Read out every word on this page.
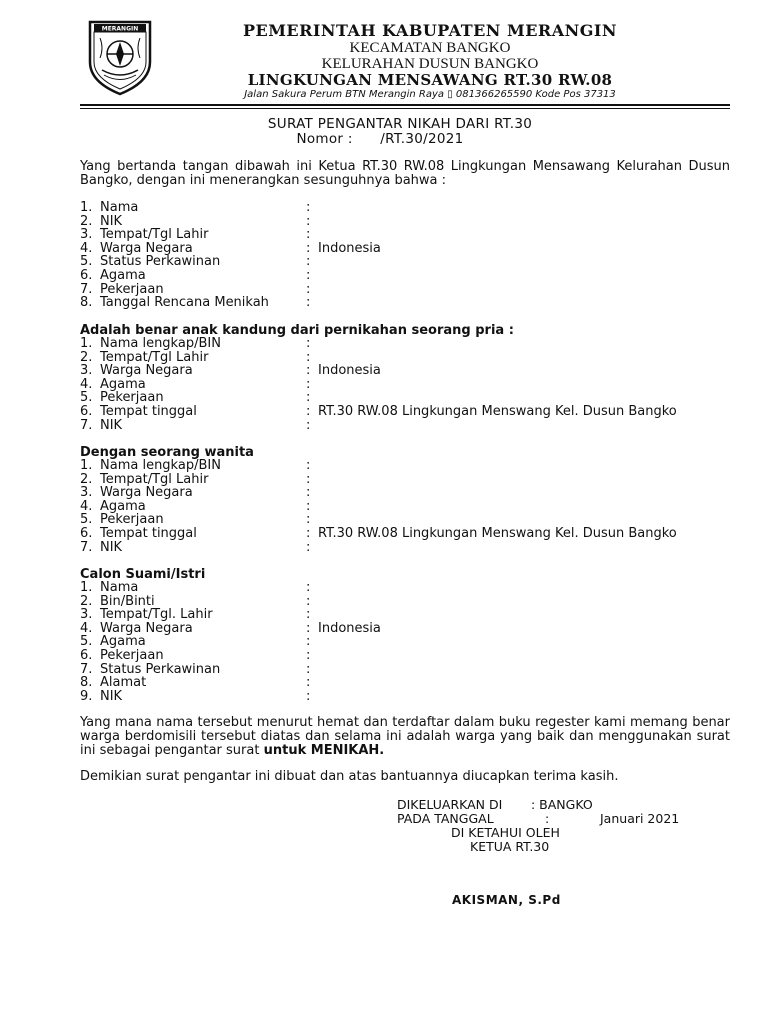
MERANGIN	PEMERINTAH KABUPATEN MERANGIN
KECAMATAN BANGKO
KELURAHAN DUSUN BANGKO
LINGKUNGAN MENSAWANG RT.30 RW.08
Jalan Sakura Perum BTN Merangin Raya ▯ 081366265590 Kode Pos 37313
SURAT PENGANTAR NIKAH DARI RT.30
Nomor : /RT.30/2021
Yang bertanda tangan dibawah ini Ketua RT.30 RW.08 Lingkungan Mensawang Kelurahan Dusun Bangko, dengan ini menerangkan sesunguhnya bahwa :
1. Nama	:
2. NIK	:
3. Tempat/Tgl Lahir	:
4. Warga Negara	: Indonesia
5. Status Perkawinan	:
6. Agama	:
7. Pekerjaan	:
8. Tanggal Rencana Menikah	:
Adalah benar anak kandung dari pernikahan seorang pria :
1. Nama lengkap/BIN	:
2. Tempat/Tgl Lahir	:
3. Warga Negara	: Indonesia
4. Agama	:
5. Pekerjaan	:
6. Tempat tinggal	: RT.30 RW.08 Lingkungan Menswang Kel. Dusun Bangko
7. NIK	:
Dengan seorang wanita
1. Nama lengkap/BIN	:
2. Tempat/Tgl Lahir	:
3. Warga Negara	:
4. Agama	:
5. Pekerjaan	:
6. Tempat tinggal	: RT.30 RW.08 Lingkungan Menswang Kel. Dusun Bangko
7. NIK	:
Calon Suami/Istri
1. Nama	:
2. Bin/Binti	:
3. Tempat/Tgl. Lahir	:
4. Warga Negara	: Indonesia
5. Agama	:
6. Pekerjaan	:
7. Status Perkawinan	:
8. Alamat	:
9. NIK	:
Yang mana nama tersebut menurut hemat dan terdaftar dalam buku regester kami memang benar warga berdomisili tersebut diatas dan selama ini adalah warga yang baik dan menggunakan surat ini sebagai pengantar surat untuk MENIKAH.
Demikian surat pengantar ini dibuat dan atas bantuannya diucapkan terima kasih.
DIKELUARKAN DI : BANGKO
PADA TANGGAL	:	Januari 2021
DI KETAHUI OLEH
KETUA RT.30
AKISMAN, S.Pd
